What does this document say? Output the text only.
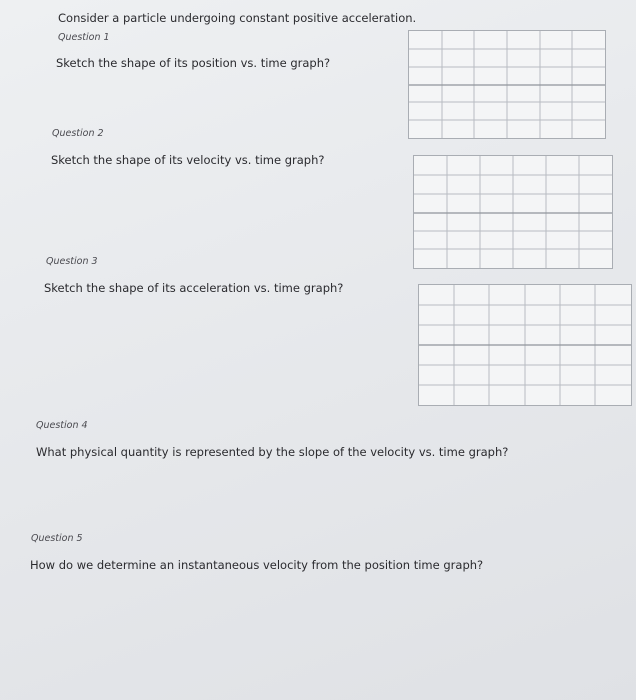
Consider a particle undergoing constant positive acceleration.
Question 1
Sketch the shape of its position vs. time graph?
Question 2
Sketch the shape of its velocity vs. time graph?
Question 3
Sketch the shape of its acceleration vs. time graph?
Question 4
What physical quantity is represented by the slope of the velocity vs. time graph?
Question 5
How do we determine an instantaneous velocity from the position time graph?
